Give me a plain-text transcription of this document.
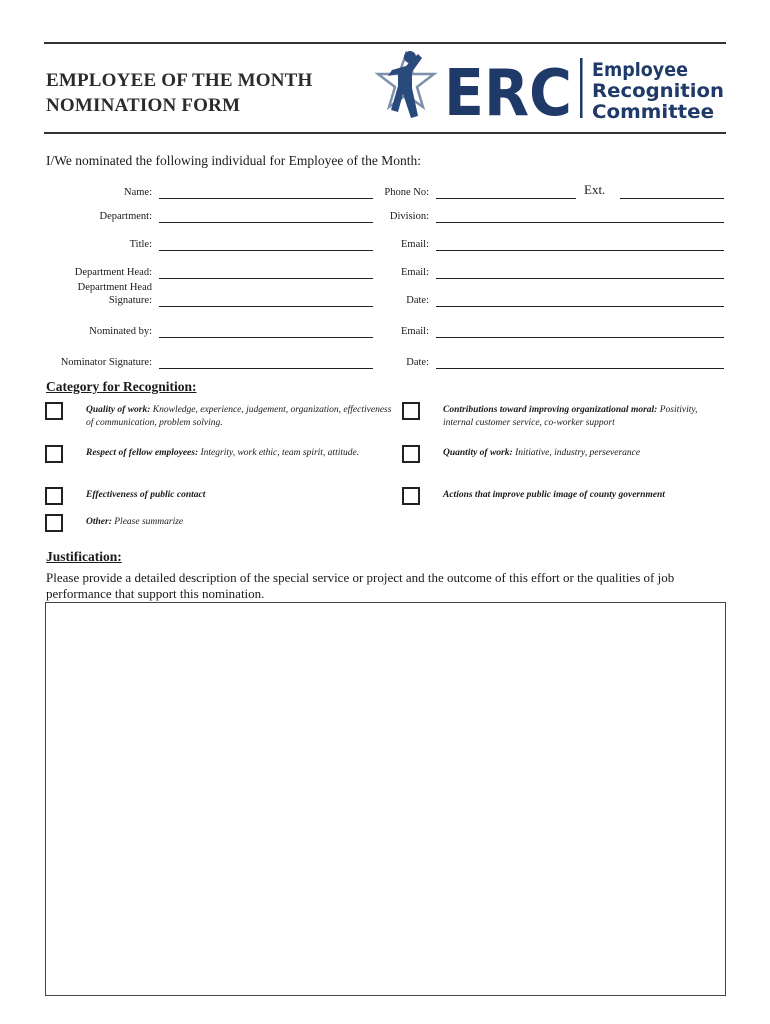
EMPLOYEE OF THE MONTH
NOMINATION FORM	ERC Employee
Recognition
Committee
I/We nominated the following individual for Employee of the Month:
Name:	Phone No:	Ext.
Department:	Division:
Title:	Email:
Department Head:	Email:
Department Head
Signature:	Date:
Nominated by:	Email:
Nominator Signature:	Date:
Category for Recognition:
Quality of work: Knowledge, experience, judgement, organization, effectiveness of communication, problem solving.
Contributions toward improving organizational moral: Positivity, internal customer service, co-worker support
Respect of fellow employees: Integrity, work ethic, team spirit, attitude.	Quantity of work: Initiative, industry, perseverance
Effectiveness of public contact	Actions that improve public image of county government
Other: Please summarize
Justification:
Please provide a detailed description of the special service or project and the outcome of this effort or the qualities of job performance that support this nomination.
